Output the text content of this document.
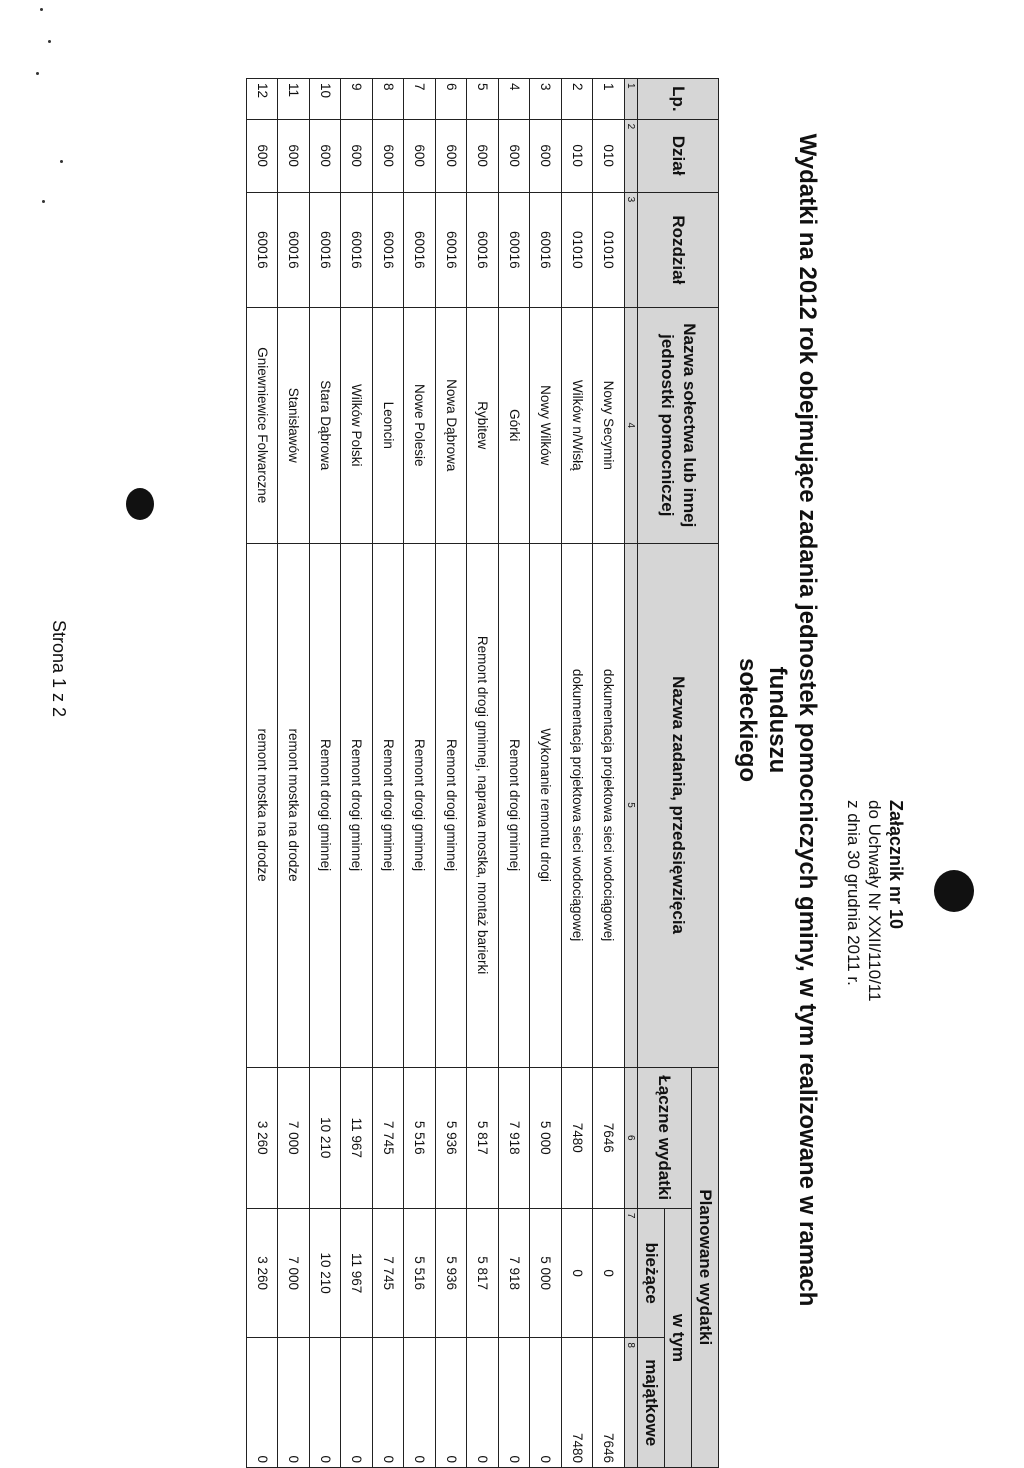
Załącznik nr 10
do Uchwały Nr XXII/110/11
z dnia 30 grudnia 2011 r.
Wydatki na 2012 rok obejmujące zadania jednostek pomocniczych gminy, w tym realizowane w ramach funduszu
sołeckiego
Lp.	Dział	Rozdział	Nazwa sołectwa lub innej jednostki pomocniczej	Nazwa zadania, przedsięwzięcia	Planowane wydatki		
					Łączne wydatki	w tym	
						bieżące	majątkowe
1	2	3	4	5	6	7	8
1	010	01010	Nowy Secymin	dokumentacja projektowa sieci wodociągowej	7646	0	7646
2	010	01010	Wilków n/Wisłą	dokumentacja projektowa sieci wodociągowej	7480	0	7480
3	600	60016	Nowy Wilków	Wykonanie remontu drogi	5 000	5 000	0
4	600	60016	Górki	Remont drogi gminnej	7 918	7 918	0
5	600	60016	Rybitew	Remont drogi gminnej, naprawa mostka, montaż barierki	5 817	5 817	0
6	600	60016	Nowa Dąbrowa	Remont drogi gminnej	5 936	5 936	0
7	600	60016	Nowe Polesie	Remont drogi gminnej	5 516	5 516	0
8	600	60016	Leoncin	Remont drogi gminnej	7 745	7 745	0
9	600	60016	Wilków Polski	Remont drogi gminnej	11 967	11 967	0
10	600	60016	Stara Dąbrowa	Remont drogi gminnej	10 210	10 210	0
11	600	60016	Stanisławów	remont mostka na drodze	7 000	7 000	0
12	600	60016	Gniewniewice Folwarczne	remont mostka na drodze	3 260	3 260	0
Strona 1 z 2
